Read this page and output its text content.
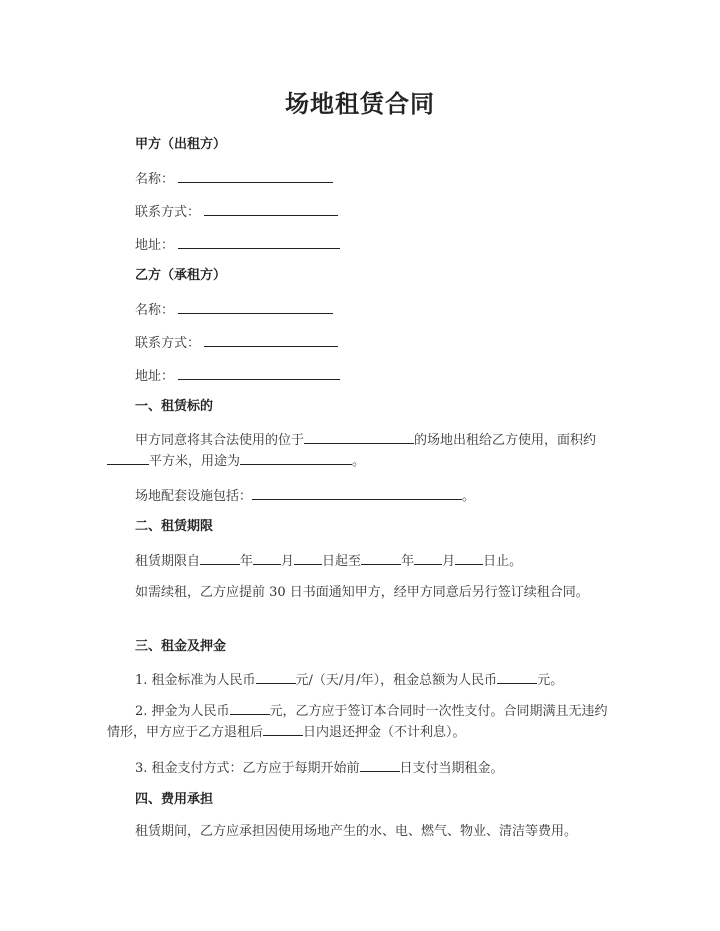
场地租赁合同
甲方（出租方）
名称：
联系方式：
地址：
乙方（承租方）
名称：
联系方式：
地址：
一、租赁标的
甲方同意将其合法使用的位于	的场地出租给乙方使用，面积约平方米，用途为	。
场地配套设施包括：	。
二、租赁期限
租赁期限自	年 月 日起至	年 月 日止。
如需续租，乙方应提前 30 日书面通知甲方，经甲方同意后另行签订续租合同。
三、租金及押金
1. 租金标准为人民币	元/（天/月/年），租金总额为人民币	元。
2. 押金为人民币	元，乙方应于签订本合同时一次性支付。合同期满且无违约情形，甲方应于乙方退租后	日内退还押金（不计利息）。
3. 租金支付方式：乙方应于每期开始前	日支付当期租金。
四、费用承担
租赁期间，乙方应承担因使用场地产生的水、电、燃气、物业、清洁等费用。
